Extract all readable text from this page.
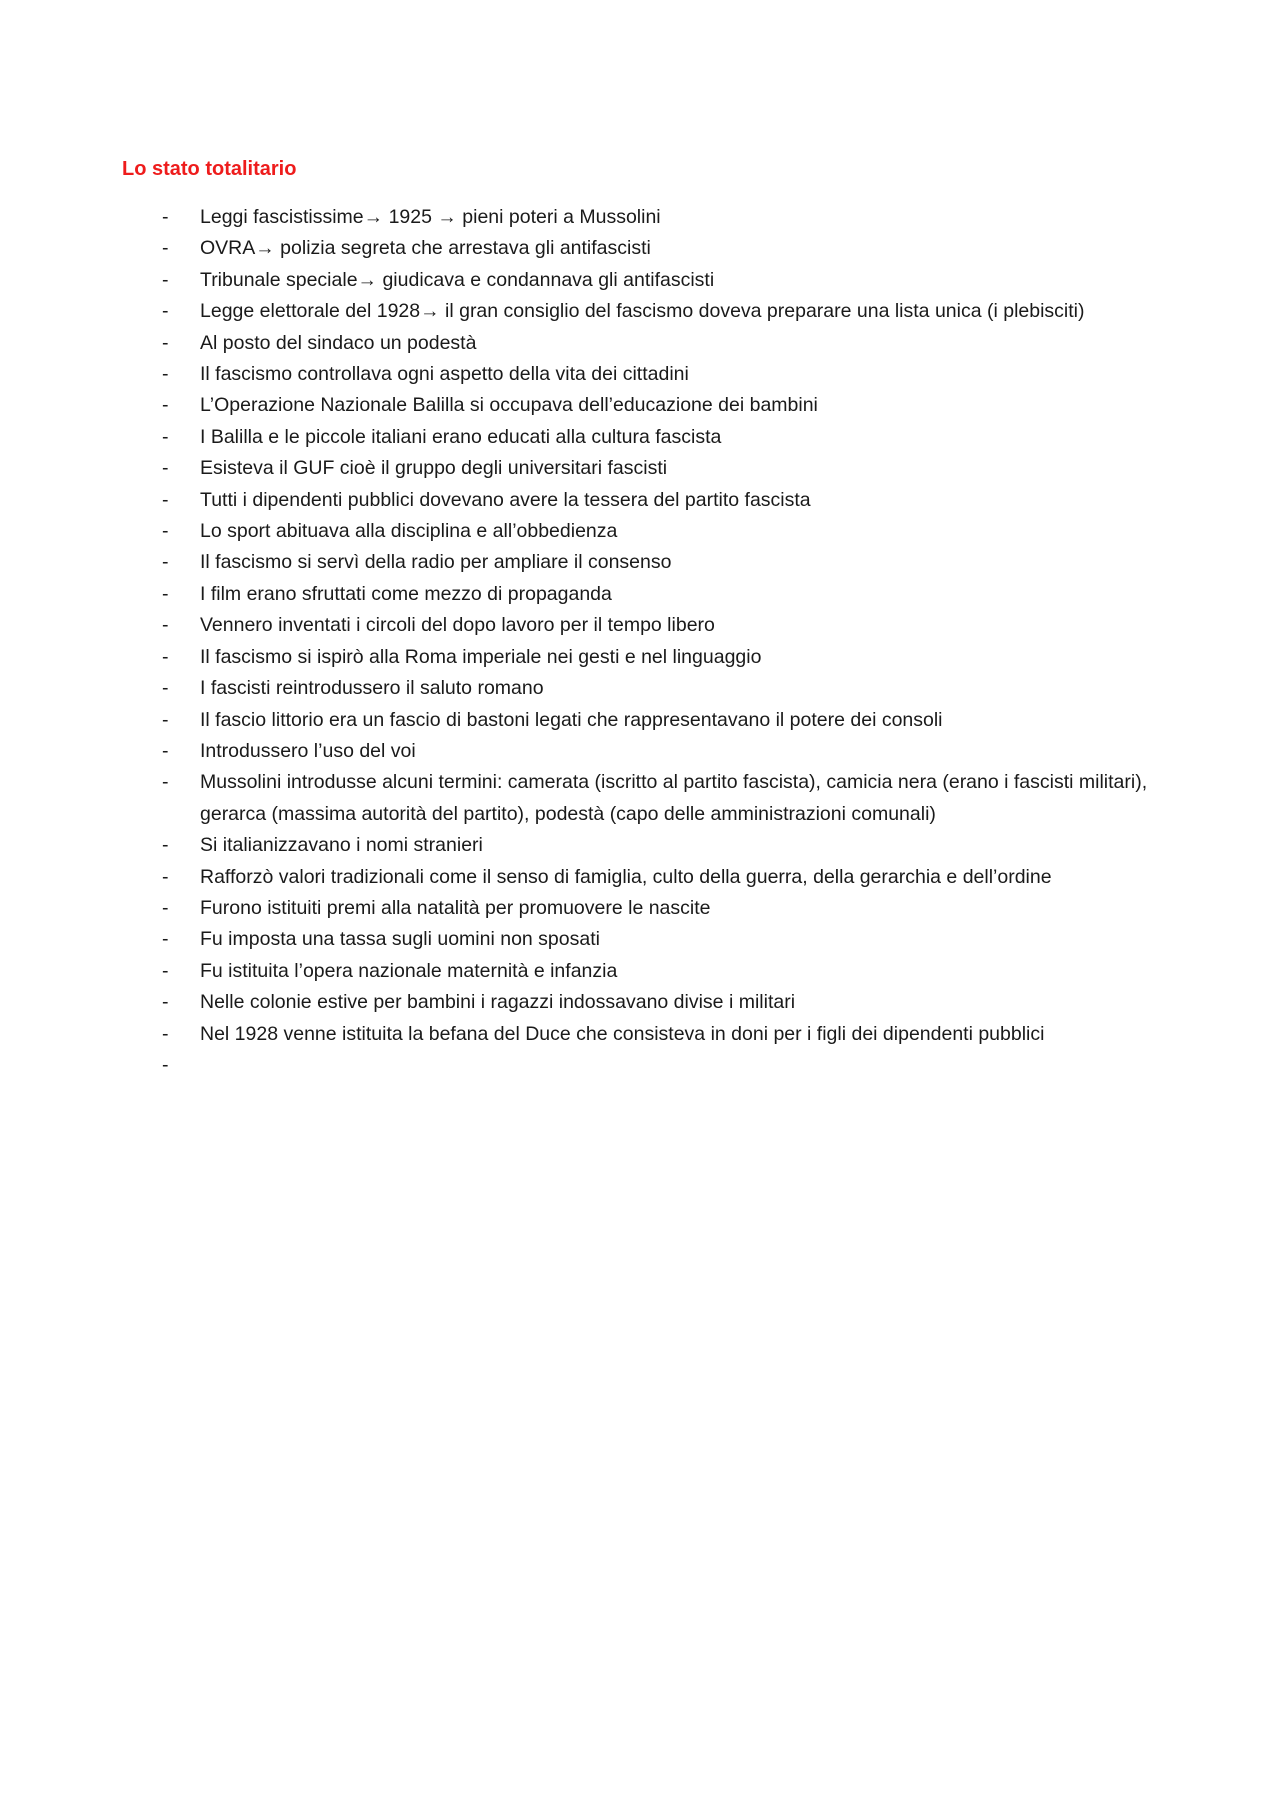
Lo stato totalitario
- Leggi fascistissime→ 1925 → pieni poteri a Mussolini
- OVRA→ polizia segreta che arrestava gli antifascisti
- Tribunale speciale→ giudicava e condannava gli antifascisti
- Legge elettorale del 1928→ il gran consiglio del fascismo doveva preparare una lista unica (i plebisciti)
- Al posto del sindaco un podestà
- Il fascismo controllava ogni aspetto della vita dei cittadini
- L’Operazione Nazionale Balilla si occupava dell’educazione dei bambini
- I Balilla e le piccole italiani erano educati alla cultura fascista
- Esisteva il GUF cioè il gruppo degli universitari fascisti
- Tutti i dipendenti pubblici dovevano avere la tessera del partito fascista
- Lo sport abituava alla disciplina e all’obbedienza
- Il fascismo si servì della radio per ampliare il consenso
- I film erano sfruttati come mezzo di propaganda
- Vennero inventati i circoli del dopo lavoro per il tempo libero
- Il fascismo si ispirò alla Roma imperiale nei gesti e nel linguaggio
- I fascisti reintrodussero il saluto romano
- Il fascio littorio era un fascio di bastoni legati che rappresentavano il potere dei consoli
- Introdussero l’uso del voi
- Mussolini introdusse alcuni termini: camerata (iscritto al partito fascista), camicia nera (erano i fascisti militari), gerarca (massima autorità del partito), podestà (capo delle amministrazioni comunali)
- Si italianizzavano i nomi stranieri
- Rafforzò valori tradizionali come il senso di famiglia, culto della guerra, della gerarchia e dell’ordine
- Furono istituiti premi alla natalità per promuovere le nascite
- Fu imposta una tassa sugli uomini non sposati
- Fu istituita l’opera nazionale maternità e infanzia
- Nelle colonie estive per bambini i ragazzi indossavano divise i militari
- Nel 1928 venne istituita la befana del Duce che consisteva in doni per i figli dei dipendenti pubblici
-
